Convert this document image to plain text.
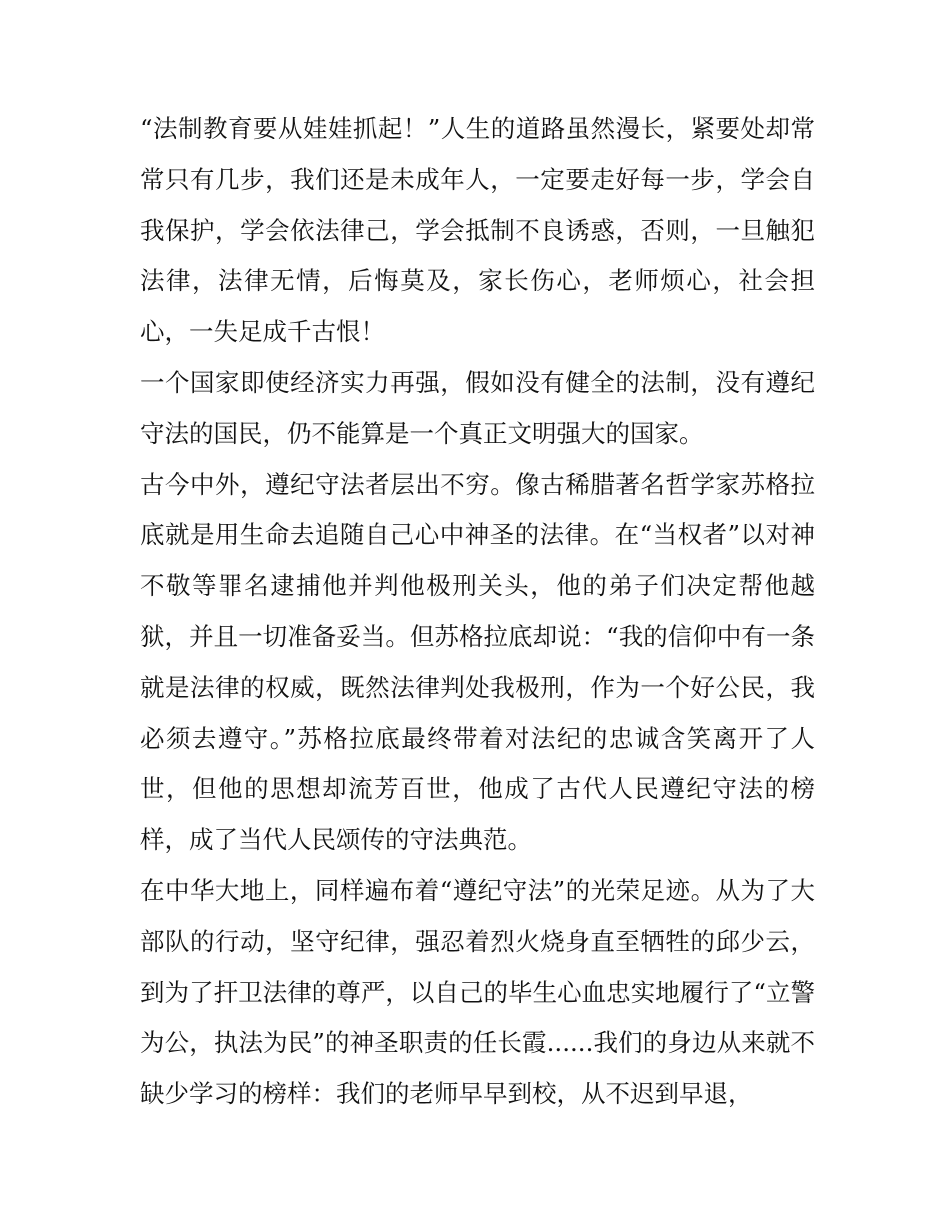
“法制教育要从娃娃抓起！”人生的道路虽然漫长，紧要处却常常只有几步，我们还是未成年人，一定要走好每一步，学会自我保护，学会依法律己，学会抵制不良诱惑，否则，一旦触犯法律，法律无情，后悔莫及，家长伤心，老师烦心，社会担心，一失足成千古恨！

一个国家即使经济实力再强，假如没有健全的法制，没有遵纪守法的国民，仍不能算是一个真正文明强大的国家。

古今中外，遵纪守法者层出不穷。像古稀腊著名哲学家苏格拉底就是用生命去追随自己心中神圣的法律。在“当权者”以对神不敬等罪名逮捕他并判他极刑关头，他的弟子们决定帮他越狱，并且一切准备妥当。但苏格拉底却说：“我的信仰中有一条就是法律的权威，既然法律判处我极刑，作为一个好公民，我必须去遵守。”苏格拉底最终带着对法纪的忠诚含笑离开了人世，但他的思想却流芳百世，他成了古代人民遵纪守法的榜样，成了当代人民颂传的守法典范。

在中华大地上，同样遍布着“遵纪守法”的光荣足迹。从为了大部队的行动，坚守纪律，强忍着烈火烧身直至牺牲的邱少云，到为了扞卫法律的尊严，以自己的毕生心血忠实地履行了“立警为公，执法为民”的神圣职责的任长霞......我们的身边从来就不缺少学习的榜样：我们的老师早早到校，从不迟到早退，
